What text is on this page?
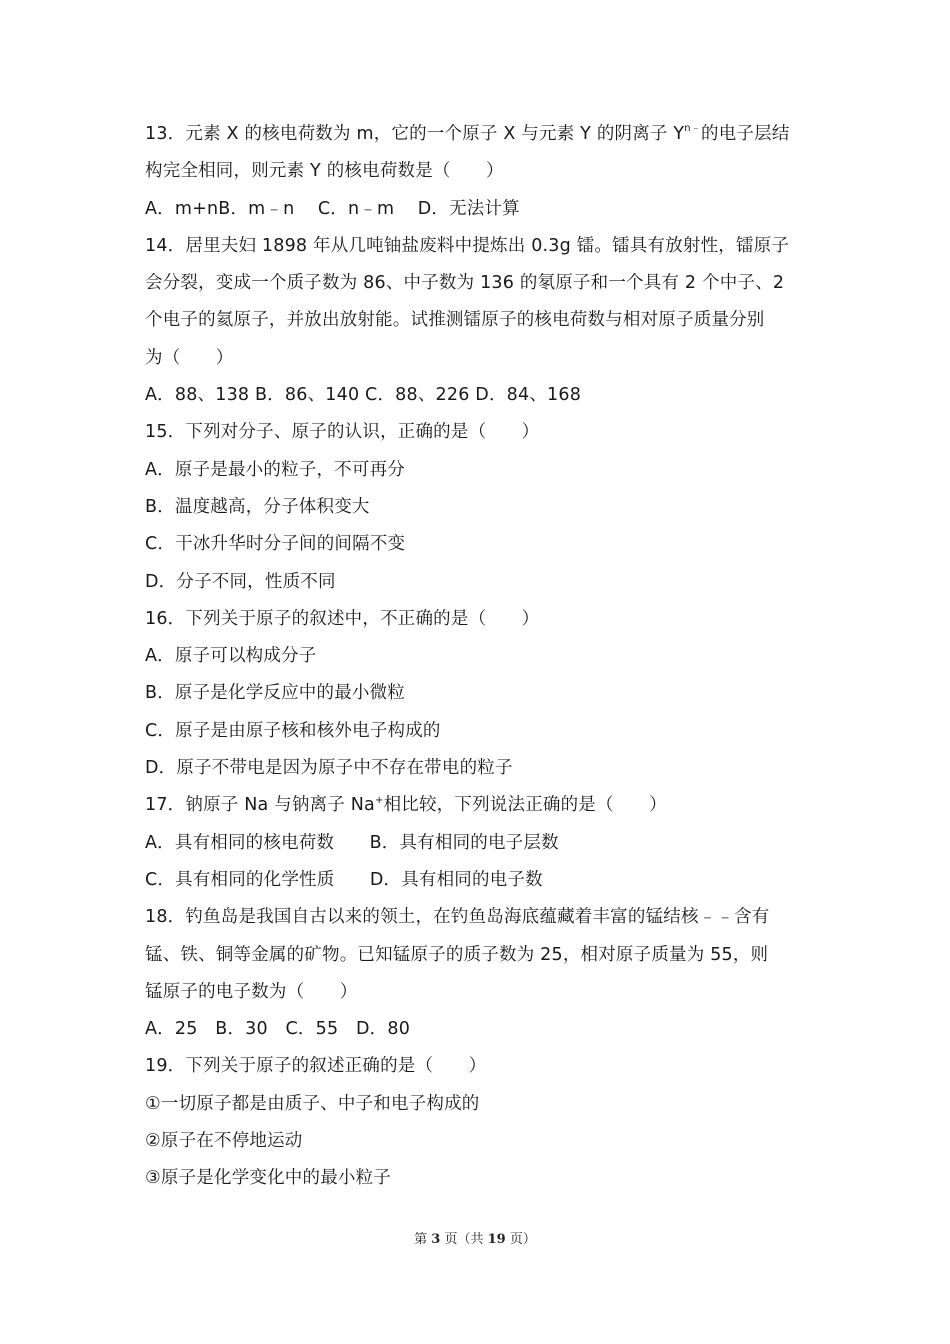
13．元素 X 的核电荷数为 m，它的一个原子 X 与元素 Y 的阴离子 $Y^{n﹣}$的电子层结
构完全相同，则元素 Y 的核电荷数是（　　）
A．m+nB．m﹣n　 C．n﹣m　 D．无法计算
14．居里夫妇 1898 年从几吨铀盐废料中提炼出 0.3g 镭。镭具有放射性，镭原子
会分裂，变成一个质子数为 86、中子数为 136 的氡原子和一个具有 2 个中子、2
个电子的氦原子，并放出放射能。试推测镭原子的核电荷数与相对原子质量分别
为（　　）
A．88、138 B．86、140 C．88、226 D．84、168
15．下列对分子、原子的认识，正确的是（　　）
A．原子是最小的粒子，不可再分
B．温度越高，分子体积变大
C．干冰升华时分子间的间隔不变
D．分子不同，性质不同
16．下列关于原子的叙述中，不正确的是（　　）
A．原子可以构成分子
B．原子是化学反应中的最小微粒
C．原子是由原子核和核外电子构成的
D．原子不带电是因为原子中不存在带电的粒子
17．钠原子 Na 与钠离子 Na+相比较，下列说法正确的是（　　）
A．具有相同的核电荷数　　B．具有相同的电子层数
C．具有相同的化学性质　　D．具有相同的电子数
18．钓鱼岛是我国自古以来的领土，在钓鱼岛海底蕴藏着丰富的锰结核﹣﹣含有
锰、铁、铜等金属的矿物。已知锰原子的质子数为 25，相对原子质量为 55，则
锰原子的电子数为（　　）
A．25　B．30　C．55　D．80
19．下列关于原子的叙述正确的是（　　）
①一切原子都是由质子、中子和电子构成的
②原子在不停地运动
③原子是化学变化中的最小粒子
第 3 页（共 19 页）
